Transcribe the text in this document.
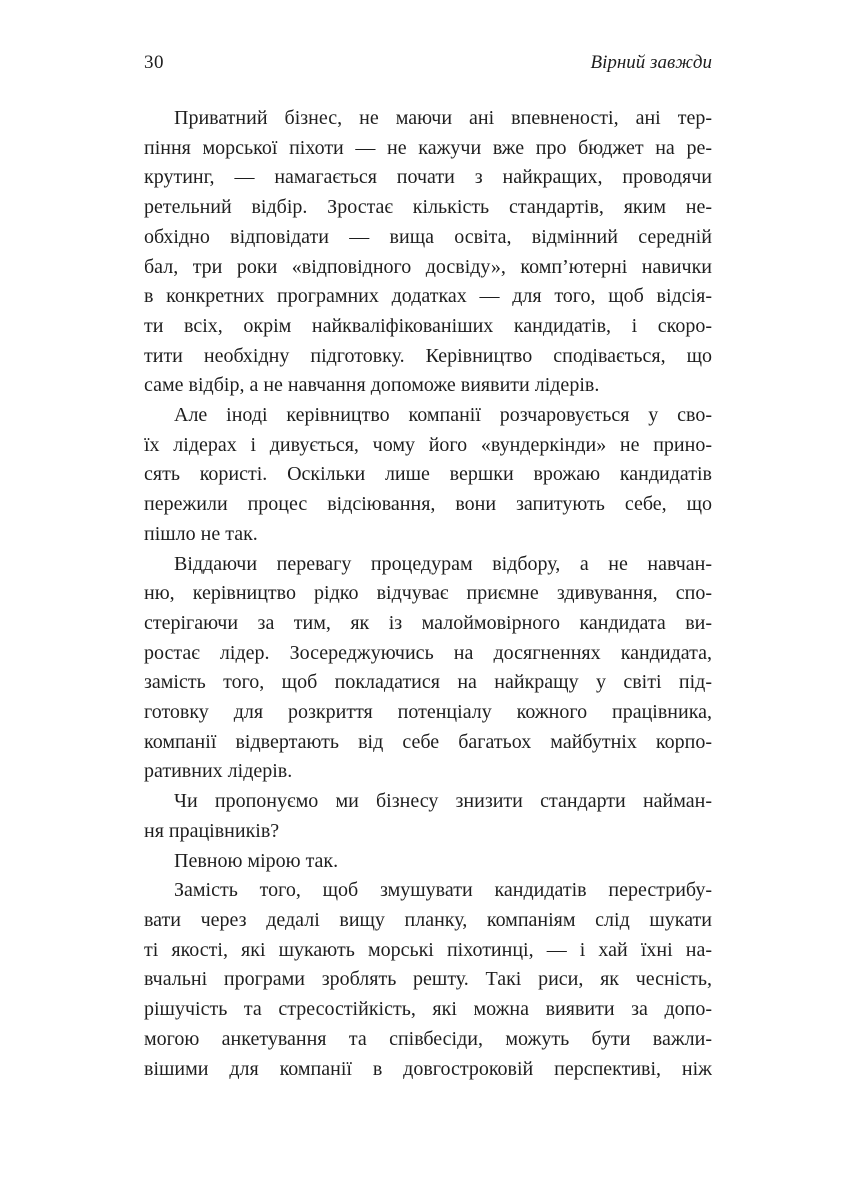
30	Вірний завжди
Приватний бізнес, не маючи ані впевненості, ані тер-
піння морської піхоти — не кажучи вже про бюджет на ре-
крутинг, — намагається почати з найкращих, проводячи
ретельний відбір. Зростає кількість стандартів, яким не-
обхідно відповідати — вища освіта, відмінний середній
бал, три роки «відповідного досвіду», комп’ютерні навички
в конкретних програмних додатках — для того, щоб відсія-
ти всіх, окрім найкваліфікованіших кандидатів, і скоро-
тити необхідну підготовку. Керівництво сподівається, що
саме відбір, а не навчання допоможе виявити лідерів.
Але іноді керівництво компанії розчаровується у сво-
їх лідерах і дивується, чому його «вундеркінди» не прино-
сять користі. Оскільки лише вершки врожаю кандидатів
пережили процес відсіювання, вони запитують себе, що
пішло не так.
Віддаючи перевагу процедурам відбору, а не навчан-
ню, керівництво рідко відчуває приємне здивування, спо-
стерігаючи за тим, як із малоймовірного кандидата ви-
ростає лідер. Зосереджуючись на досягненнях кандидата,
замість того, щоб покладатися на найкращу у світі під-
готовку для розкриття потенціалу кожного працівника,
компанії відвертають від себе багатьох майбутніх корпо-
ративних лідерів.
Чи пропонуємо ми бізнесу знизити стандарти найман-
ня працівників?
Певною мірою так.
Замість того, щоб змушувати кандидатів перестрибу-
вати через дедалі вищу планку, компаніям слід шукати
ті якості, які шукають морські піхотинці, — і хай їхні на-
вчальні програми зроблять решту. Такі риси, як чесність,
рішучість та стресостійкість, які можна виявити за допо-
могою анкетування та співбесіди, можуть бути важли-
вішими для компанії в довгостроковій перспективі, ніж
